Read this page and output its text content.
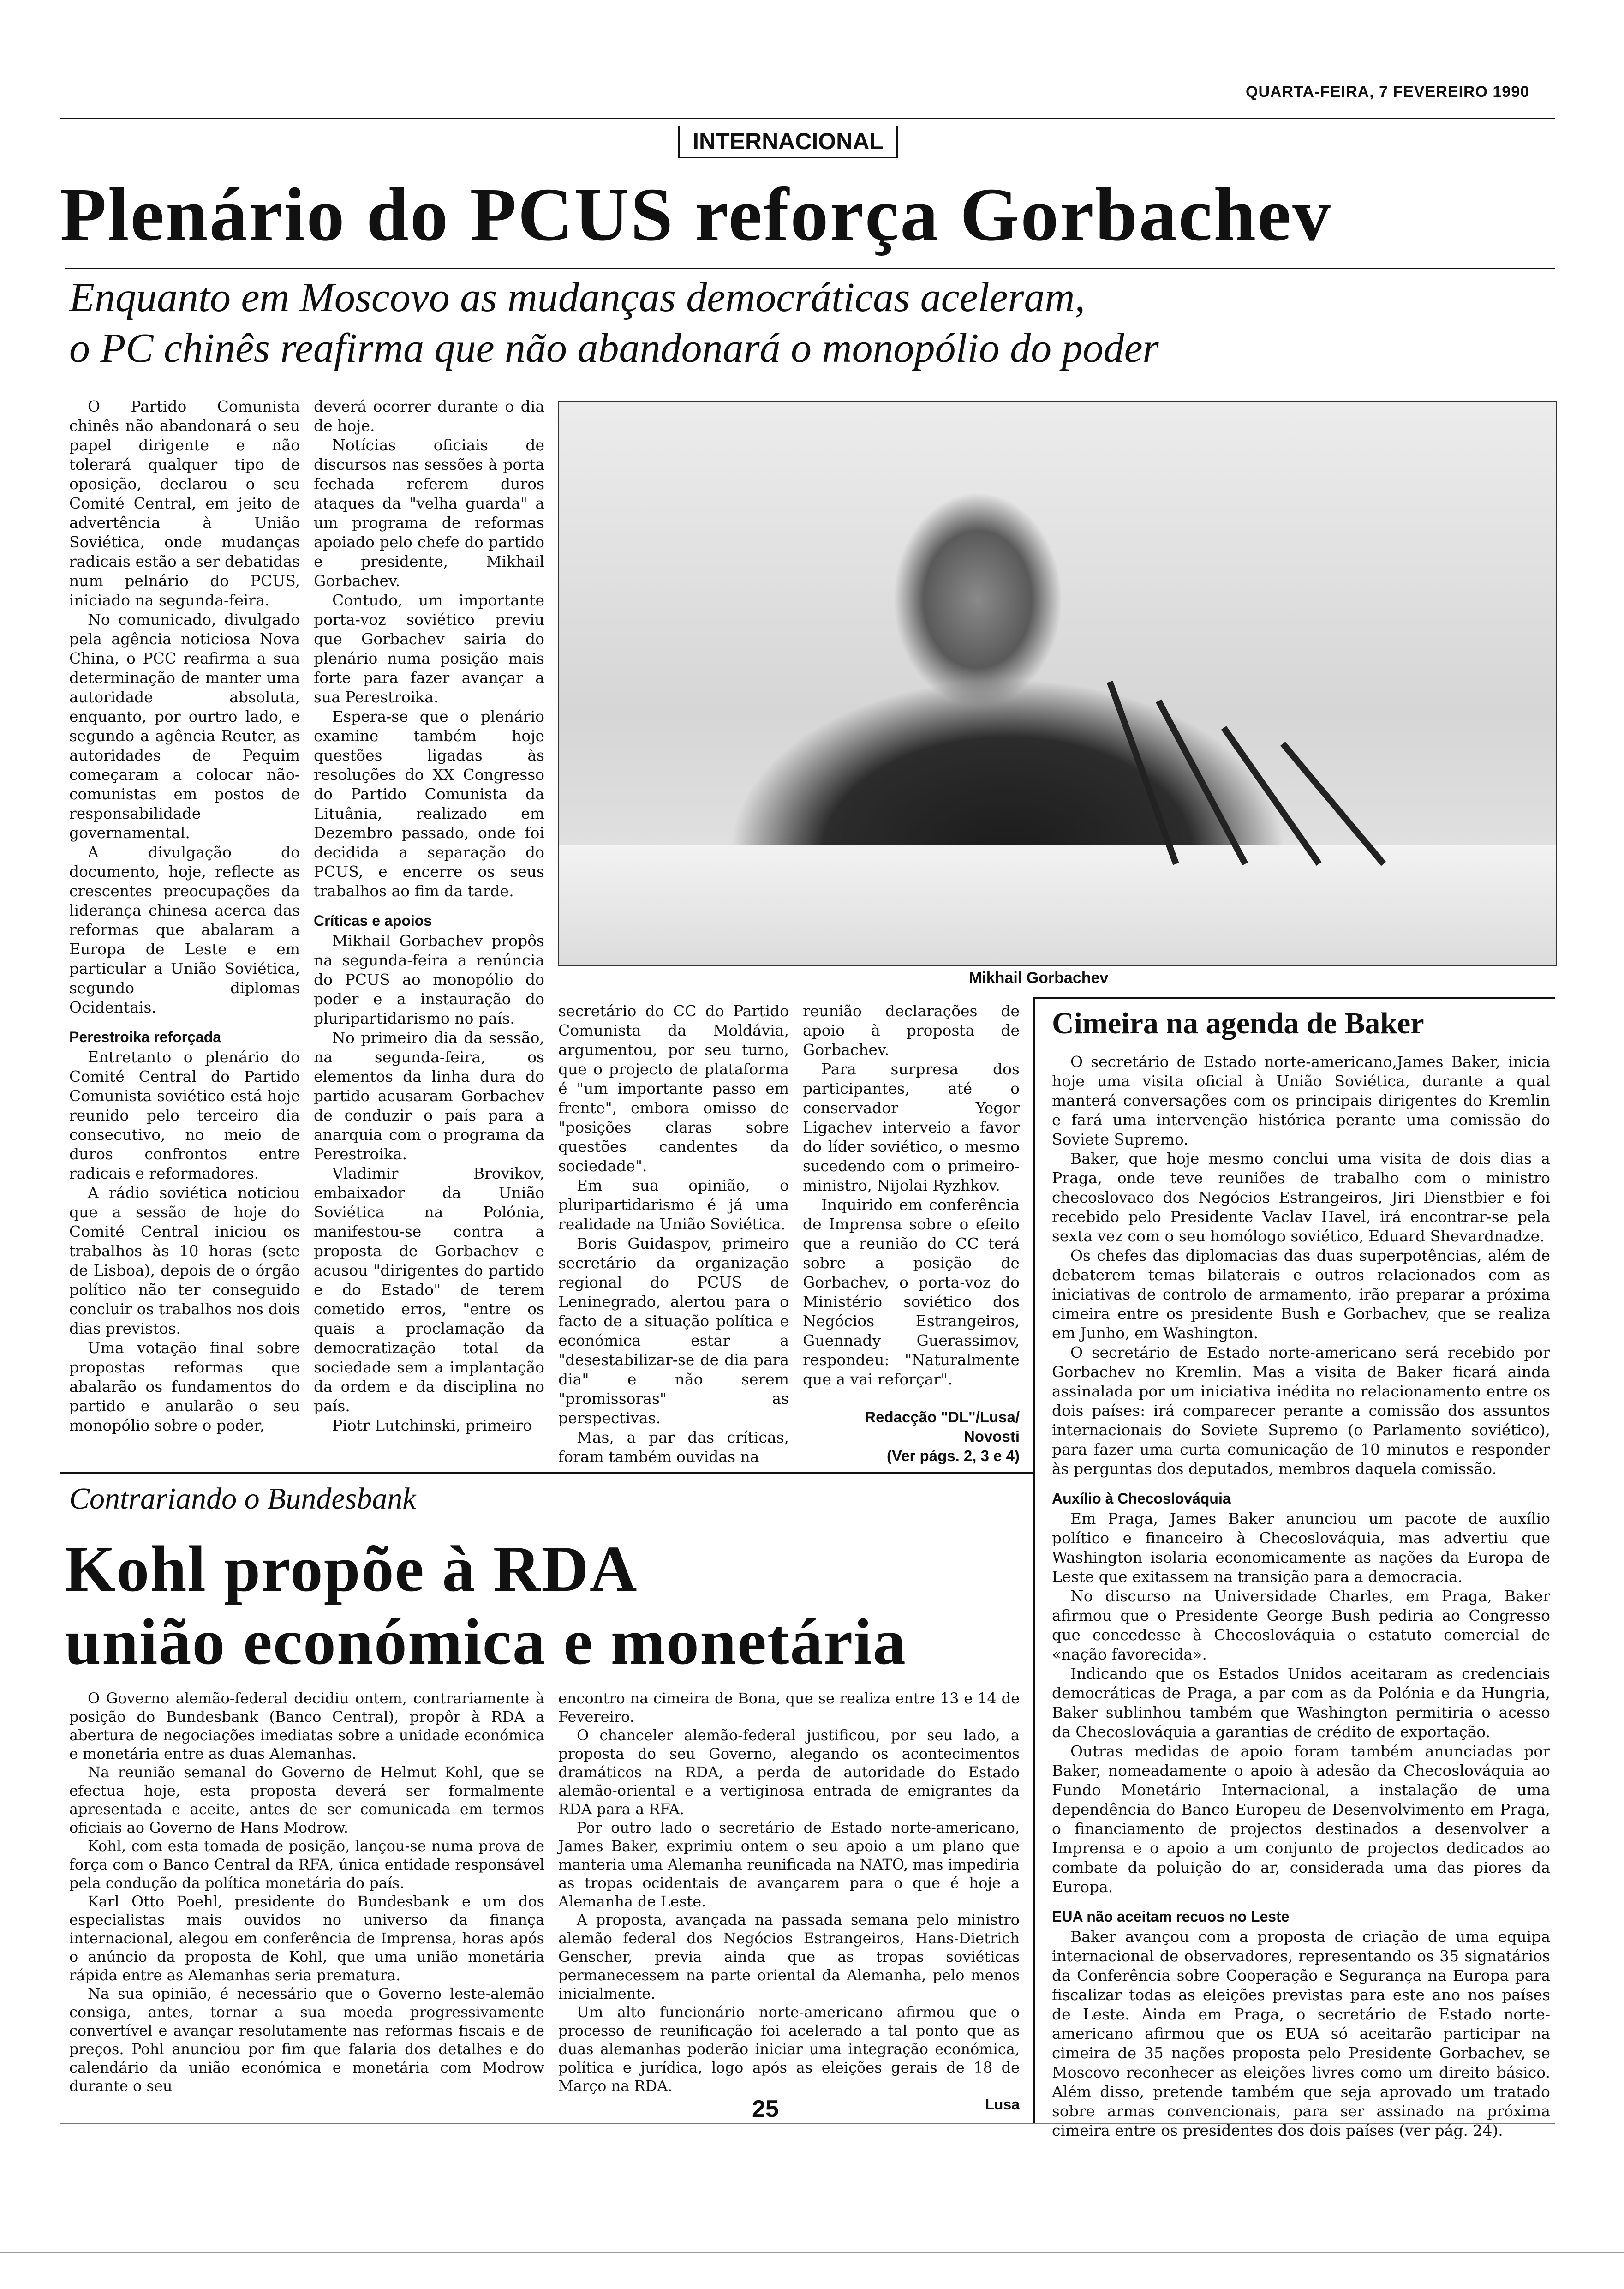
QUARTA-FEIRA, 7 FEVEREIRO 1990
INTERNACIONAL
Plenário do PCUS reforça Gorbachev
Enquanto em Moscovo as mudanças democráticas aceleram,
o PC chinês reafirma que não abandonará o monopólio do poder

O Partido Comunista chinês não abandonará o seu papel dirigente e não tolerará qualquer tipo de oposição, declarou o seu Comité Central, em jeito de advertência à União Soviética, onde mudanças radicais estão a ser debatidas num pelnário do PCUS, iniciado na segunda-feira.

No comunicado, divulgado pela agência noticiosa Nova China, o PCC reafirma a sua determinação de manter uma autoridade absoluta, enquanto, por ourtro lado, e segundo a agência Reuter, as autoridades de Pequim começaram a colocar não-comunistas em postos de responsabilidade governamental.

A divulgação do documento, hoje, reflecte as crescentes preocupações da liderança chinesa acerca das reformas que abalaram a Europa de Leste e em particular a União Soviética, segundo diplomas Ocidentais.

Perestroika reforçada

Entretanto o plenário do Comité Central do Partido Comunista soviético está hoje reunido pelo terceiro dia consecutivo, no meio de duros confrontos entre radicais e reformadores.

A rádio soviética noticiou que a sessão de hoje do Comité Central iniciou os trabalhos às 10 horas (sete de Lisboa), depois de o órgão político não ter conseguido concluir os trabalhos nos dois dias previstos.

Uma votação final sobre propostas reformas que abalarão os fundamentos do partido e anularão o seu monopólio sobre o poder,

deverá ocorrer durante o dia de hoje.

Notícias oficiais de discursos nas sessões à porta fechada referem duros ataques da "velha guarda" a um programa de reformas apoiado pelo chefe do partido e presidente, Mikhail Gorbachev.

Contudo, um importante porta-voz soviético previu que Gorbachev sairia do plenário numa posição mais forte para fazer avançar a sua Perestroika.

Espera-se que o plenário examine também hoje questões ligadas às resoluções do XX Congresso do Partido Comunista da Lituânia, realizado em Dezembro passado, onde foi decidida a separação do PCUS, e encerre os seus trabalhos ao fim da tarde.

Críticas e apoios

Mikhail Gorbachev propôs na segunda-feira a renúncia do PCUS ao monopólio do poder e a instauração do pluripartidarismo no país.

No primeiro dia da sessão, na segunda-feira, os elementos da linha dura do partido acusaram Gorbachev de conduzir o país para a anarquia com o programa da Perestroika.

Vladimir Brovikov, embaixador da União Soviética na Polónia, manifestou-se contra a proposta de Gorbachev e acusou "dirigentes do partido e do Estado" de terem cometido erros, "entre os quais a proclamação da democratização total da sociedade sem a implantação da ordem e da disciplina no país.

Piotr Lutchinski, primeiro

Mikhail Gorbachev

secretário do CC do Partido Comunista da Moldávia, argumentou, por seu turno, que o projecto de plataforma é "um importante passo em frente", embora omisso de "posições claras sobre questões candentes da sociedade".

Em sua opinião, o pluripartidarismo é já uma realidade na União Soviética.

Boris Guidaspov, primeiro secretário da organização regional do PCUS de Leninegrado, alertou para o facto de a situação política e económica estar a "desestabilizar-se de dia para dia" e não serem "promissoras" as perspectivas.

Mas, a par das críticas, foram também ouvidas na

reunião declarações de apoio à proposta de Gorbachev.

Para surpresa dos participantes, até o conservador Yegor Ligachev interveio a favor do líder soviético, o mesmo sucedendo com o primeiro-ministro, Nijolai Ryzhkov.

Inquirido em conferência de Imprensa sobre o efeito que a reunião do CC terá sobre a posição de Gorbachev, o porta-voz do Ministério soviético dos Negócios Estrangeiros, Guennady Guerassimov, respondeu: "Naturalmente que a vai reforçar".

Redacção "DL"/Lusa/

Novosti

(Ver págs. 2, 3 e 4)

Cimeira na agenda de Baker

O secretário de Estado norte-americano,James Baker, inicia hoje uma visita oficial à União Soviética, durante a qual manterá conversações com os principais dirigentes do Kremlin e fará uma intervenção histórica perante uma comissão do Soviete Supremo.

Baker, que hoje mesmo conclui uma visita de dois dias a Praga, onde teve reuniões de trabalho com o ministro checoslovaco dos Negócios Estrangeiros, Jiri Dienstbier e foi recebido pelo Presidente Vaclav Havel, irá encontrar-se pela sexta vez com o seu homólogo soviético, Eduard Shevardnadze.

Os chefes das diplomacias das duas superpotências, além de debaterem temas bilaterais e outros relacionados com as iniciativas de controlo de armamento, irão preparar a próxima cimeira entre os presidente Bush e Gorbachev, que se realiza em Junho, em Washington.

O secretário de Estado norte-americano será recebido por Gorbachev no Kremlin. Mas a visita de Baker ficará ainda assinalada por um iniciativa inédita no relacionamento entre os dois países: irá comparecer perante a comissão dos assuntos internacionais do Soviete Supremo (o Parlamento soviético), para fazer uma curta comunicação de 10 minutos e responder às perguntas dos deputados, membros daquela comissão.

Auxílio à Checoslováquia

Em Praga, James Baker anunciou um pacote de auxílio político e financeiro à Checoslováquia, mas advertiu que Washington isolaria economicamente as nações da Europa de Leste que exitassem na transição para a democracia.

No discurso na Universidade Charles, em Praga, Baker afirmou que o Presidente George Bush pediria ao Congresso que concedesse à Checoslováquia o estatuto comercial de «nação favorecida».

Indicando que os Estados Unidos aceitaram as credenciais democráticas de Praga, a par com as da Polónia e da Hungria, Baker sublinhou também que Washington permitiria o acesso da Checoslováquia a garantias de crédito de exportação.

Outras medidas de apoio foram também anunciadas por Baker, nomeadamente o apoio à adesão da Checoslováquia ao Fundo Monetário Internacional, a instalação de uma dependência do Banco Europeu de Desenvolvimento em Praga, o financiamento de projectos destinados a desenvolver a Imprensa e o apoio a um conjunto de projectos dedicados ao combate da poluição do ar, considerada uma das piores da Europa.

EUA não aceitam recuos no Leste

Baker avançou com a proposta de criação de uma equipa internacional de observadores, representando os 35 signatários da Conferência sobre Cooperação e Segurança na Europa para fiscalizar todas as eleições previstas para este ano nos países de Leste. Ainda em Praga, o secretário de Estado norte-americano afirmou que os EUA só aceitarão participar na cimeira de 35 nações proposta pelo Presidente Gorbachev, se Moscovo reconhecer as eleições livres como um direito básico. Além disso, pretende também que seja aprovado um tratado sobre armas convencionais, para ser assinado na próxima cimeira entre os presidentes dos dois países (ver pág. 24).

Contrariando o Bundesbank
Kohl propõe à RDA
união económica e monetária

O Governo alemão-federal decidiu ontem, contrariamente à posição do Bundesbank (Banco Central), propôr à RDA a abertura de negociações imediatas sobre a unidade económica e monetária entre as duas Alemanhas.

Na reunião semanal do Governo de Helmut Kohl, que se efectua hoje, esta proposta deverá ser formalmente apresentada e aceite, antes de ser comunicada em termos oficiais ao Governo de Hans Modrow.

Kohl, com esta tomada de posição, lançou-se numa prova de força com o Banco Central da RFA, única entidade responsável pela condução da política monetária do país.

Karl Otto Poehl, presidente do Bundesbank e um dos especialistas mais ouvidos no universo da finança internacional, alegou em conferência de Imprensa, horas após o anúncio da proposta de Kohl, que uma união monetária rápida entre as Alemanhas seria prematura.

Na sua opinião, é necessário que o Governo leste-alemão consiga, antes, tornar a sua moeda progressivamente convertível e avançar resolutamente nas reformas fiscais e de preços. Pohl anunciou por fim que falaria dos detalhes e do calendário da união económica e monetária com Modrow durante o seu

encontro na cimeira de Bona, que se realiza entre 13 e 14 de Fevereiro.

O chanceler alemão-federal justificou, por seu lado, a proposta do seu Governo, alegando os acontecimentos dramáticos na RDA, a perda de autoridade do Estado alemão-oriental e a vertiginosa entrada de emigrantes da RDA para a RFA.

Por outro lado o secretário de Estado norte-americano, James Baker, exprimiu ontem o seu apoio a um plano que manteria uma Alemanha reunificada na NATO, mas impediria as tropas ocidentais de avançarem para o que é hoje a Alemanha de Leste.

A proposta, avançada na passada semana pelo ministro alemão federal dos Negócios Estrangeiros, Hans-Dietrich Genscher, previa ainda que as tropas soviéticas permanecessem na parte oriental da Alemanha, pelo menos inicialmente.

Um alto funcionário norte-americano afirmou que o processo de reunificação foi acelerado a tal ponto que as duas alemanhas poderão iniciar uma integração económica, política e jurídica, logo após as eleições gerais de 18 de Março na RDA.

Lusa

25
